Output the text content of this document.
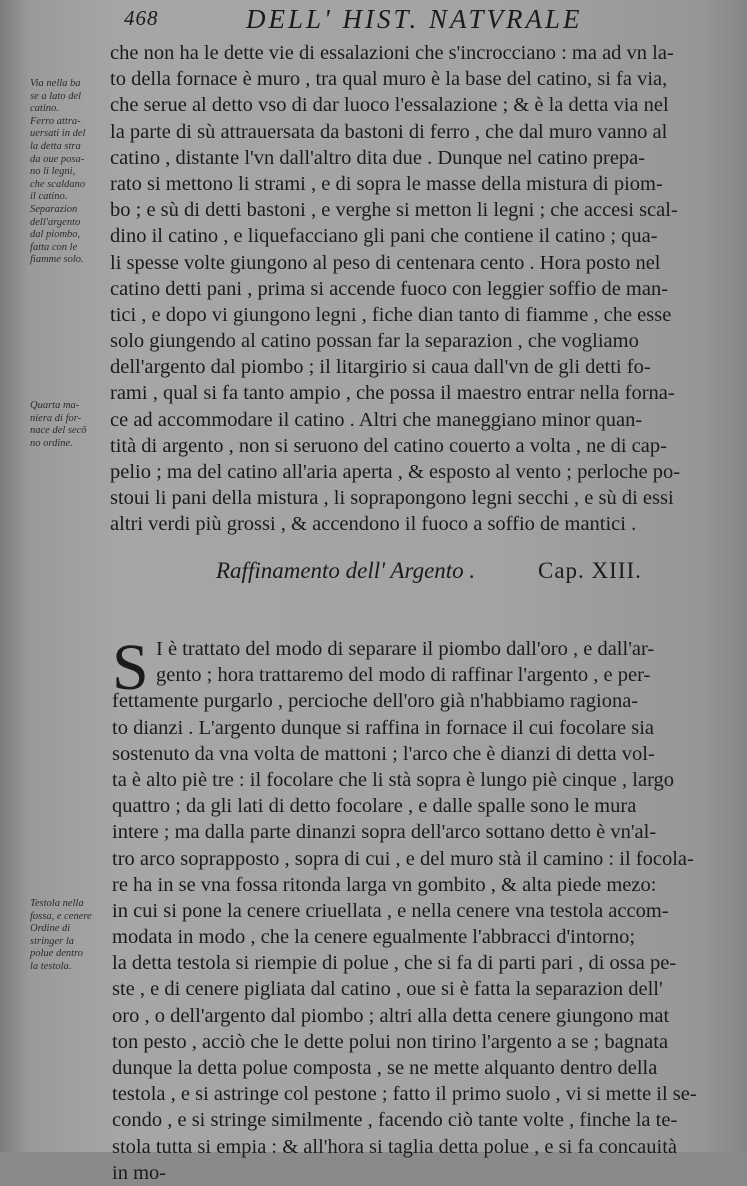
468	DELL' HIST. NATVRALE
Via nella ba
se a lato del
catino.
Ferro attra-
uersati in del
la detta stra
da oue posa-
no li legni,
che scaldano
il catino.
Separazion
dell'argento
dal piombo,
fatta con le
fiamme solo.
Quarta ma-
niera di for-
nace del secō
no ordine.
Testola nella
fossa, e cenere
Ordine di
stringer la
polue dentro
la testola.
che non ha le dette vie di essalazioni che s'incrocciano : ma ad vn la-
to della fornace è muro , tra qual muro è la base del catino, si fa via,
che serue al detto vso di dar luoco l'essalazione ; & è la detta via nel
la parte di sù attrauersata da bastoni di ferro , che dal muro vanno al
catino , distante l'vn dall'altro dita due . Dunque nel catino prepa-
rato si mettono li strami , e di sopra le masse della mistura di piom-
bo ; e sù di detti bastoni , e verghe si metton li legni ; che accesi scal-
dino il catino , e liquefacciano gli pani che contiene il catino ; qua-
li spesse volte giungono al peso di centenara cento . Hora posto nel
catino detti pani , prima si accende fuoco con leggier soffio de man-
tici , e dopo vi giungono legni , fiche dian tanto di fiamme , che esse
solo giungendo al catino possan far la separazion , che vogliamo
dell'argento dal piombo ; il litargirio si caua dall'vn de gli detti fo-
rami , qual si fa tanto ampio , che possa il maestro entrar nella forna-
ce ad accommodare il catino . Altri che maneggiano minor quan-
tità di argento , non si seruono del catino couerto a volta , ne di cap-
pelio ; ma del catino all'aria aperta , & esposto al vento ; perloche po-
stoui li pani della mistura , li soprapongono legni secchi , e sù di essi
altri verdi più grossi , & accendono il fuoco a soffio de mantici .
Raffinamento dell' Argento .	Cap. XIII.
S I è trattato del modo di separare il piombo dall'oro , e dall'ar-
gento ; hora trattaremo del modo di raffinar l'argento , e per-
fettamente purgarlo , percioche dell'oro già n'habbiamo ragiona-
to dianzi . L'argento dunque si raffina in fornace il cui focolare sia
sostenuto da vna volta de mattoni ; l'arco che è dianzi di detta vol-
ta è alto piè tre : il focolare che li stà sopra è lungo piè cinque , largo
quattro ; da gli lati di detto focolare , e dalle spalle sono le mura
intere ; ma dalla parte dinanzi sopra dell'arco sottano detto è vn'al-
tro arco soprapposto , sopra di cui , e del muro stà il camino : il focola-
re ha in se vna fossa ritonda larga vn gombito , & alta piede mezo:
in cui si pone la cenere criuellata , e nella cenere vna testola accom-
modata in modo , che la cenere egualmente l'abbracci d'intorno;
la detta testola si riempie di polue , che si fa di parti pari , di ossa pe-
ste , e di cenere pigliata dal catino , oue si è fatta la separazion dell'
oro , o dell'argento dal piombo ; altri alla detta cenere giungono mat
ton pesto , acciò che le dette polui non tirino l'argento a se ; bagnata
dunque la detta polue composta , se ne mette alquanto dentro della
testola , e si astringe col pestone ; fatto il primo suolo , vi si mette il se-
condo , e si stringe similmente , facendo ciò tante volte , finche la te-
stola tutta si empia : & all'hora si taglia detta polue , e si fa concauità
in mo-
